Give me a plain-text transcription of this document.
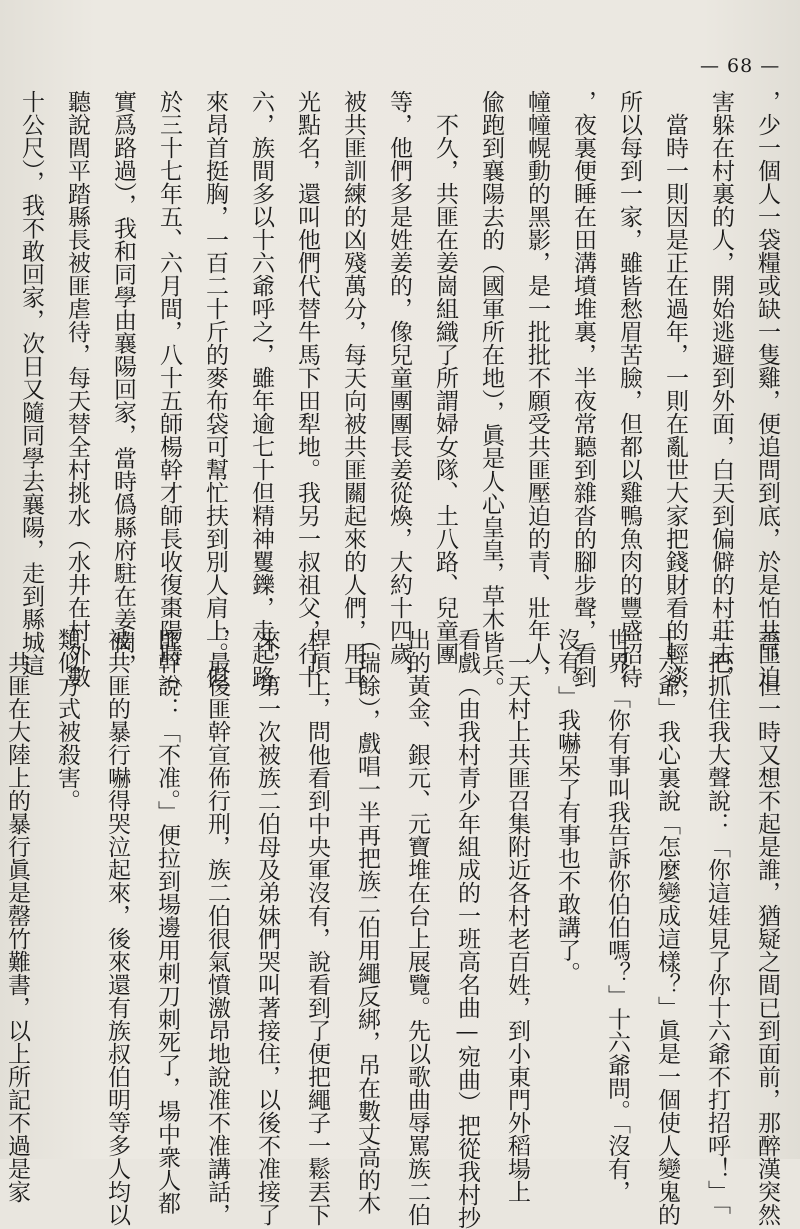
— 68 —
，少一個人一袋糧或缺一隻雞，便追問到底，於是怕共匪迫
害躲在村裏的人，開始逃避到外面，白天到偏僻的村莊去，
　當時一則因是正在過年，一則在亂世大家把錢財看的輕淡，
所以每到一家，雖皆愁眉苦臉，但都以雞鴨魚肉的豐盛招待
，夜裏便睡在田溝墳堆裏，半夜常聽到雜沓的腳步聲，看到
幢幢幌動的黑影，是一批批不願受共匪壓迫的青、壯年人，
偸跑到襄陽去的（國軍所在地），眞是人心皇皇，草木皆兵。
　不久，共匪在姜崗組織了所謂婦女隊、土八路、兒童團
等，他們多是姓姜的，像兒童團團長姜從煥，大約十四歲，
被共匪訓練的凶殘萬分，每天向被共匪關起來的人們，用耳
光點名，還叫他們代替牛馬下田犁地。我另一叔祖父，行十
六，族間多以十六爺呼之，雖年逾七十但精神矍鑠，走起路
來昂首挺胸，一百二十斤的麥布袋可幫忙扶到別人肩上。但
於三十七年五、六月間，八十五師楊幹才師長收復棗陽時（
實爲路過），我和同學由襄陽回家，當時僞縣府駐在姜崗，
聽說閭平踏縣長被匪虐待，每天替全村挑水（水井在村外數
十公尺），我不敢回家，次日又隨同學去襄陽，走到縣城這
善，但一時又想不起是誰，猶疑之間已到面前，那醉漢突然
一把抓住我大聲說：「你這娃見了你十六爺不打招呼！」「
十六爺」我心裏說「怎麼變成這樣？」眞是一個使人變鬼的
世界。「你有事叫我告訴你伯伯嗎？」十六爺問。「沒有，
沒有。」我嚇呆了有事也不敢講了。
　一天村上共匪召集附近各村老百姓，到小東門外稻場上
看戲（由我村青少年組成的一班高名曲—宛曲）把從我村抄
出的黃金、銀元、元寶堆在台上展覽。先以歌曲辱罵族二伯
（瑞餘），戲唱一半再把族二伯用繩反綁，吊在數丈高的木
桿頂上，問他看到中央軍沒有，說看到了便把繩子一鬆丟下
來，第一次被族二伯母及弟妹們哭叫著接住，以後不准接了
，最後匪幹宣佈行刑，族二伯很氣憤激昂地說准不准講話，
匪幹說：「不准。」便拉到場邊用刺刀刺死了，場中衆人都
被共匪的暴行嚇得哭泣起來，後來還有族叔伯明等多人均以
類似方式被殺害。
　共匪在大陸上的暴行眞是罄竹難書，以上所記不過是家
